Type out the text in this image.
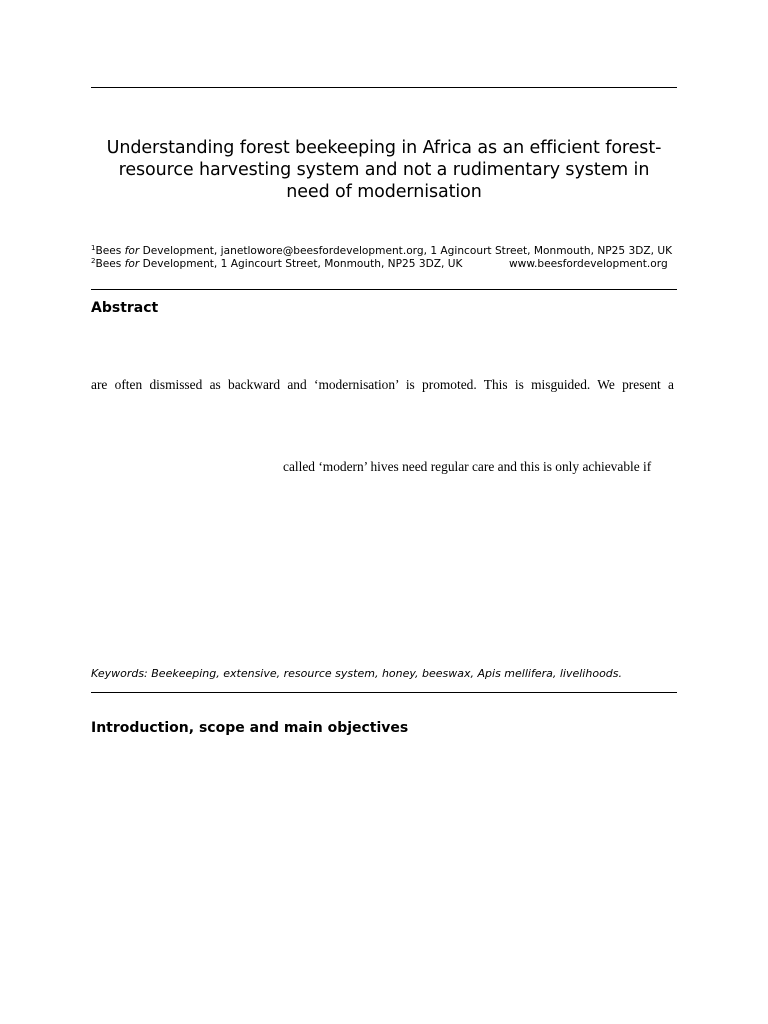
Understanding forest beekeeping in Africa as an efficient forest-
resource harvesting system and not a rudimentary system in
need of modernisation
$^1$Bees for Development, janetlowore@beesfordevelopment.org, 1 Agincourt Street, Monmouth, NP25 3DZ, UK
$^2$Bees for Development, 1 Agincourt Street, Monmouth, NP25 3DZ, UK	www.beesfordevelopment.org
Abstract
are often dismissed as backward and ‘modernisation’ is promoted. This is misguided. We present a
called ‘modern’ hives need regular care and this is only achievable if
Keywords: Beekeeping, extensive, resource system, honey, beeswax, Apis mellifera, livelihoods.
Introduction, scope and main objectives
